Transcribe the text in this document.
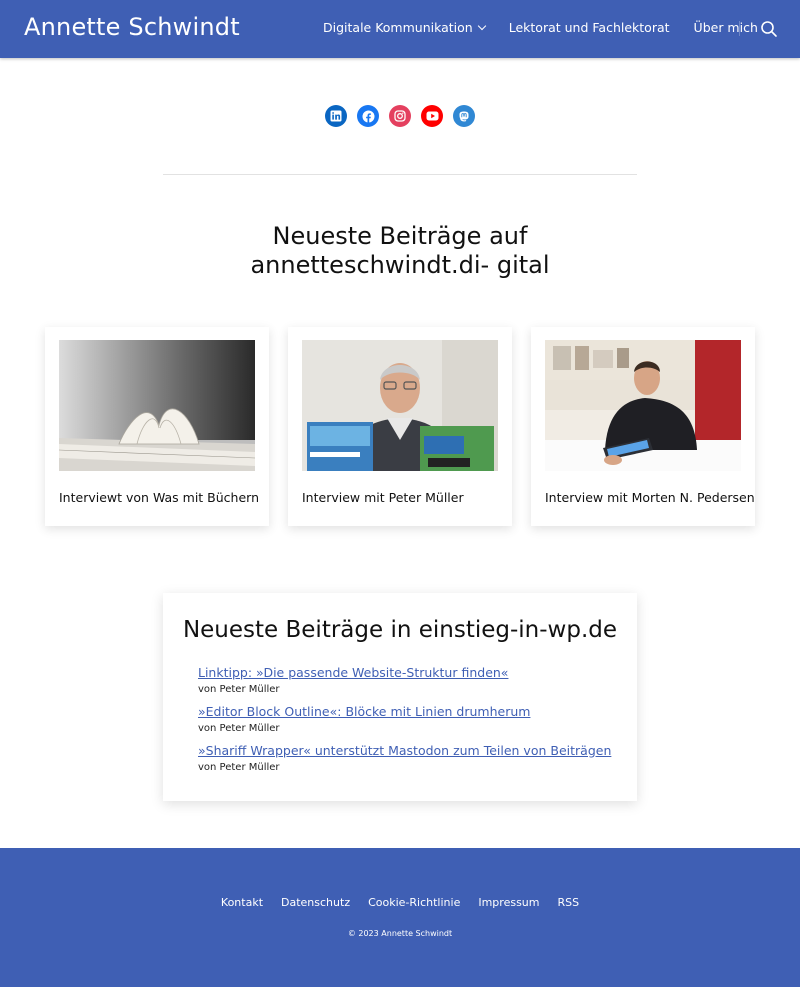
Annette Schwindt	Digitale Kommunikation	Lektorat und Fachlektorat Über mich
Neueste Beiträge auf annetteschwindt.di- gital
Interviewt von Was mit Büchern	Interview mit Peter Müller	Interview mit Morten N. Pedersen
Neueste Beiträge in einstieg-in-wp.de
Linktipp: »Die passende Website-Struktur finden«
von Peter Müller
»Editor Block Outline«: Blöcke mit Linien drumherum
von Peter Müller
»Shariff Wrapper« unterstützt Mastodon zum Teilen von Beiträgen
von Peter Müller
Kontakt Datenschutz Cookie-Richtlinie Impressum RSS
© 2023 Annette Schwindt
